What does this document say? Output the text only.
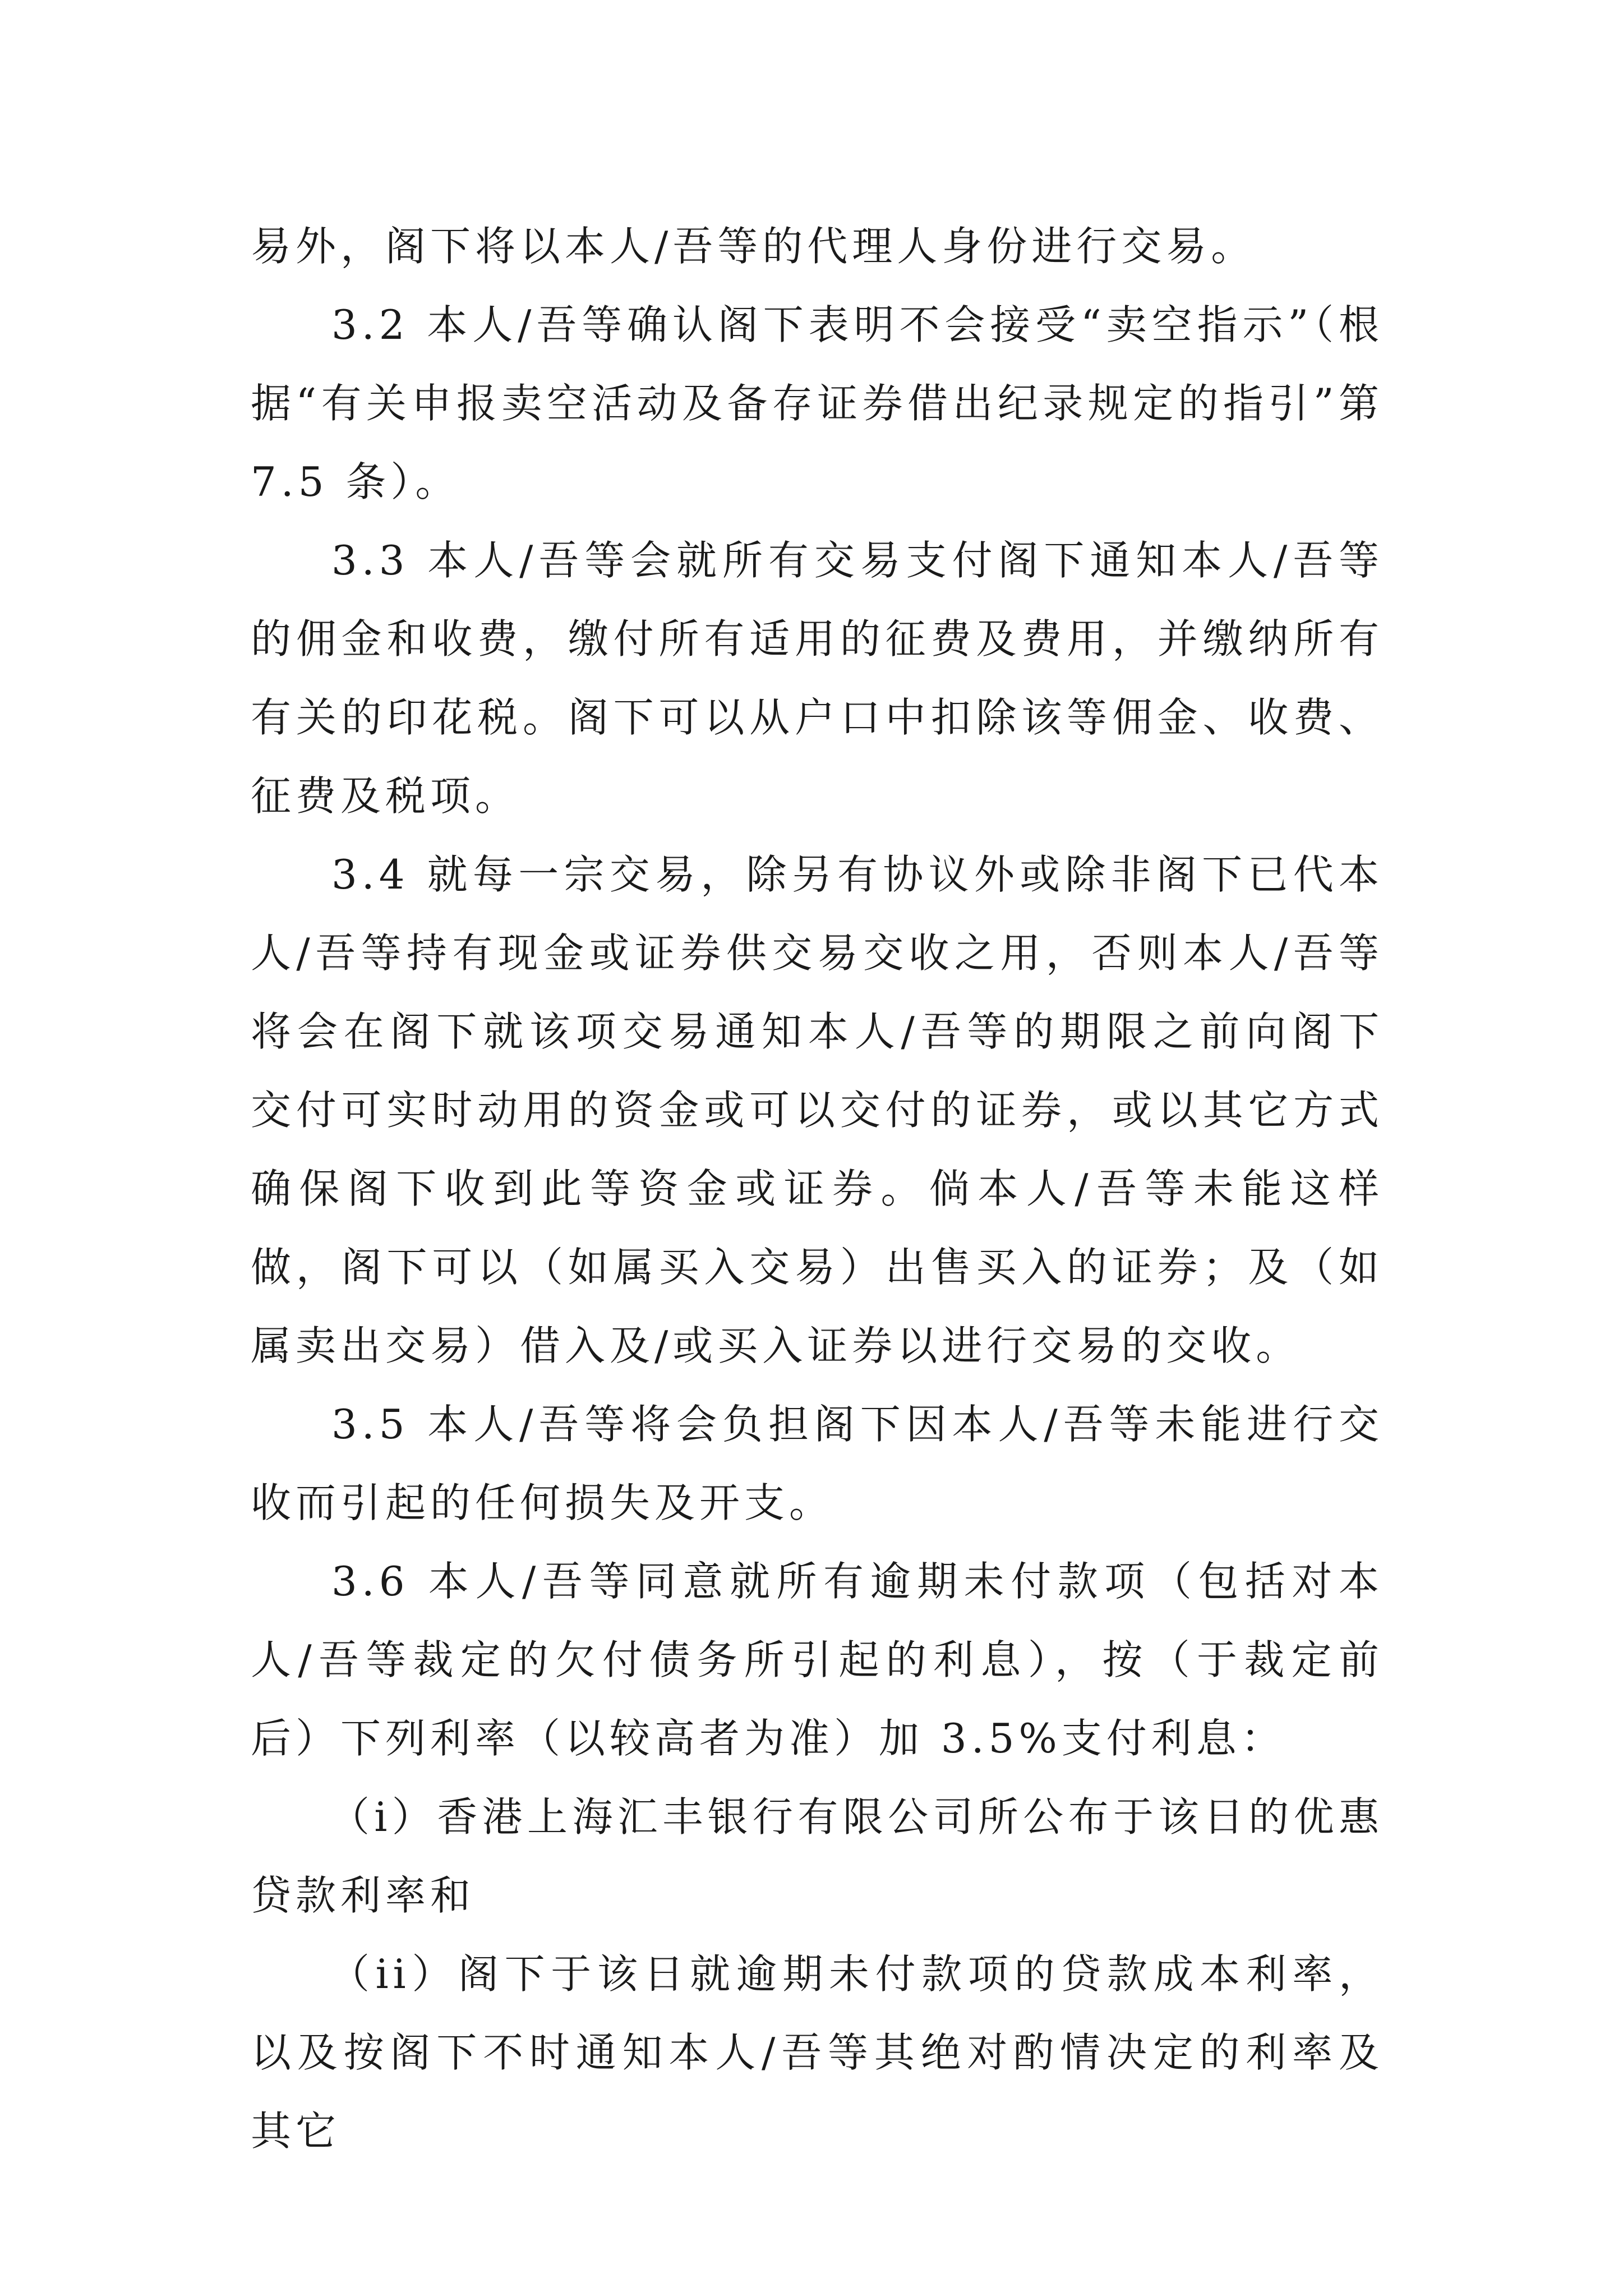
易外，阁下将以本人/吾等的代理人身份进行交易。

3.2 本人/吾等确认阁下表明不会接受“卖空指示”（根据“有关申报卖空活动及备存证券借出纪录规定的指引”第7.5 条）。

3.3 本人/吾等会就所有交易支付阁下通知本人/吾等的佣金和收费，缴付所有适用的征费及费用，并缴纳所有有关的印花税。阁下可以从户口中扣除该等佣金、收费、征费及税项。

3.4 就每一宗交易，除另有协议外或除非阁下已代本人/吾等持有现金或证券供交易交收之用，否则本人/吾等将会在阁下就该项交易通知本人/吾等的期限之前向阁下交付可实时动用的资金或可以交付的证券，或以其它方式确保阁下收到此等资金或证券。倘本人/吾等未能这样做，阁下可以（如属买入交易）出售买入的证券；及（如属卖出交易）借入及/或买入证券以进行交易的交收。

3.5 本人/吾等将会负担阁下因本人/吾等未能进行交收而引起的任何损失及开支。

3.6 本人/吾等同意就所有逾期未付款项（包括对本人/吾等裁定的欠付债务所引起的利息），按（于裁定前后）下列利率（以较高者为准）加 3.5%支付利息：

（i）香港上海汇丰银行有限公司所公布于该日的优惠贷款利率和

（ii）阁下于该日就逾期未付款项的贷款成本利率，以及按阁下不时通知本人/吾等其绝对酌情决定的利率及其它
